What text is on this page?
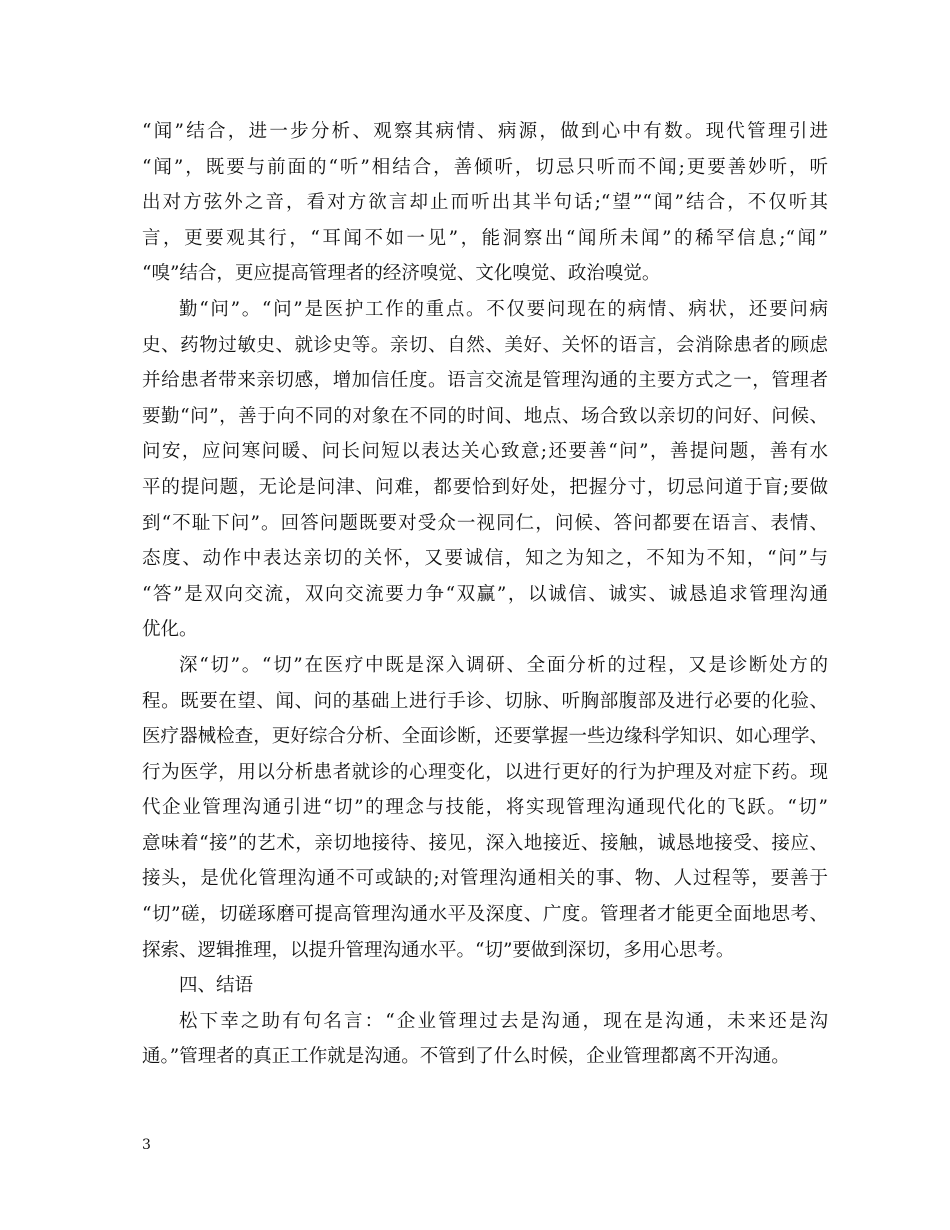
“闻”结合，进一步分析、观察其病情、病源，做到心中有数。现代管理引进
“闻”，既要与前面的“听”相结合，善倾听，切忌只听而不闻;更要善妙听，听
出对方弦外之音，看对方欲言却止而听出其半句话;“望”“闻”结合，不仅听其
言，更要观其行，“耳闻不如一见”，能洞察出“闻所未闻”的稀罕信息;“闻”
“嗅”结合，更应提高管理者的经济嗅觉、文化嗅觉、政治嗅觉。
勤“问”。“问”是医护工作的重点。不仅要问现在的病情、病状，还要问病
史、药物过敏史、就诊史等。亲切、自然、美好、关怀的语言，会消除患者的顾虑
并给患者带来亲切感，增加信任度。语言交流是管理沟通的主要方式之一，管理者
要勤“问”，善于向不同的对象在不同的时间、地点、场合致以亲切的问好、问候、
问安，应问寒问暖、问长问短以表达关心致意;还要善“问”，善提问题，善有水
平的提问题，无论是问津、问难，都要恰到好处，把握分寸，切忌问道于盲;要做
到“不耻下问”。回答问题既要对受众一视同仁，问候、答问都要在语言、表情、
态度、动作中表达亲切的关怀，又要诚信，知之为知之，不知为不知，“问”与
“答”是双向交流，双向交流要力争“双赢”，以诚信、诚实、诚恳追求管理沟通
优化。
深“切”。“切”在医疗中既是深入调研、全面分析的过程，又是诊断处方的
程。既要在望、闻、问的基础上进行手诊、切脉、听胸部腹部及进行必要的化验、
医疗器械检查，更好综合分析、全面诊断，还要掌握一些边缘科学知识、如心理学、
行为医学，用以分析患者就诊的心理变化，以进行更好的行为护理及对症下药。现
代企业管理沟通引进“切”的理念与技能，将实现管理沟通现代化的飞跃。“切”
意味着“接”的艺术，亲切地接待、接见，深入地接近、接触，诚恳地接受、接应、
接头，是优化管理沟通不可或缺的;对管理沟通相关的事、物、人过程等，要善于
“切”磋，切磋琢磨可提高管理沟通水平及深度、广度。管理者才能更全面地思考、
探索、逻辑推理，以提升管理沟通水平。“切”要做到深切，多用心思考。
四、结语
松下幸之助有句名言：“企业管理过去是沟通，现在是沟通，未来还是沟
通。”管理者的真正工作就是沟通。不管到了什么时候，企业管理都离不开沟通。
3
